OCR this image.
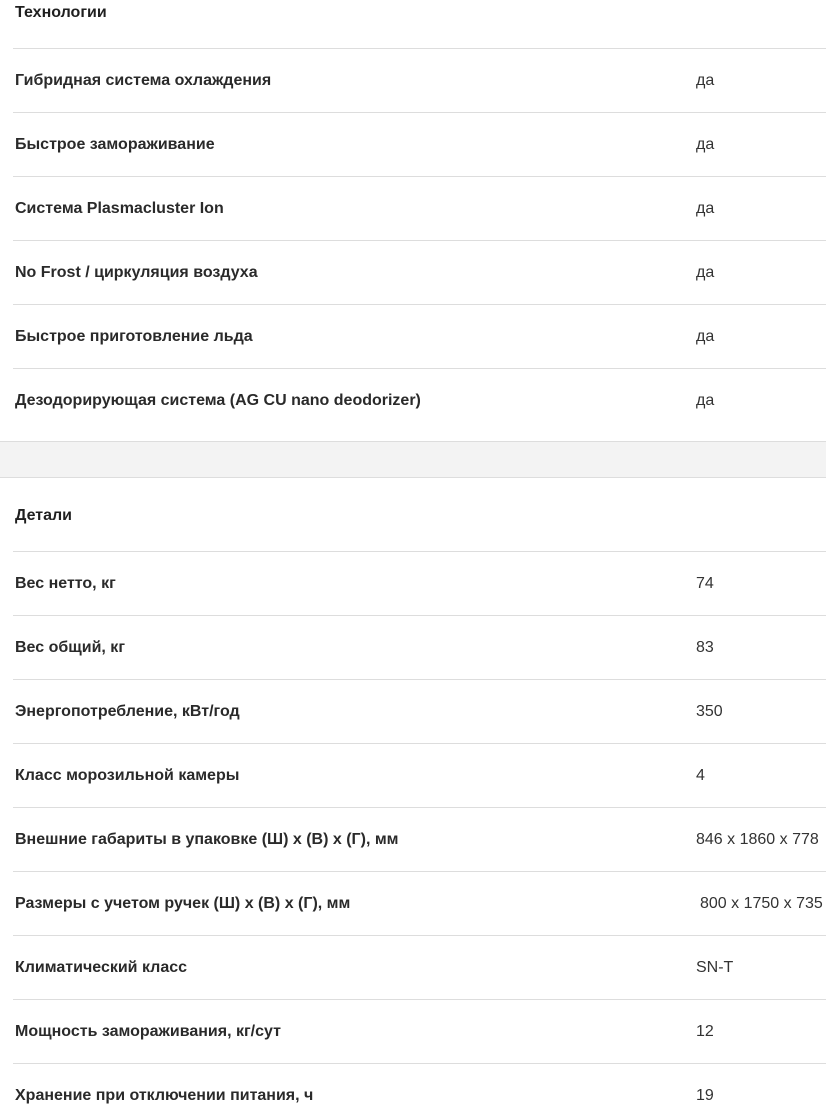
Технологии
Гибридная система охлаждения	да
Быстрое замораживание	да
Система Plasmacluster Ion	да
No Frost / циркуляция воздуха	да
Быстрое приготовление льда	да
Дезодорирующая система (AG CU nano deodorizer)	да
Детали
Вес нетто, кг	74
Вес общий, кг	83
Энергопотребление, кВт/год	350
Класс морозильной камеры	4
Внешние габариты в упаковке (Ш) х (В) х (Г), мм	846 x 1860 x 778
Размеры с учетом ручек (Ш) х (В) х (Г), мм	800 x 1750 x 735
Климатический класс	SN-T
Мощность замораживания, кг/сут	12
Хранение при отключении питания, ч	19
